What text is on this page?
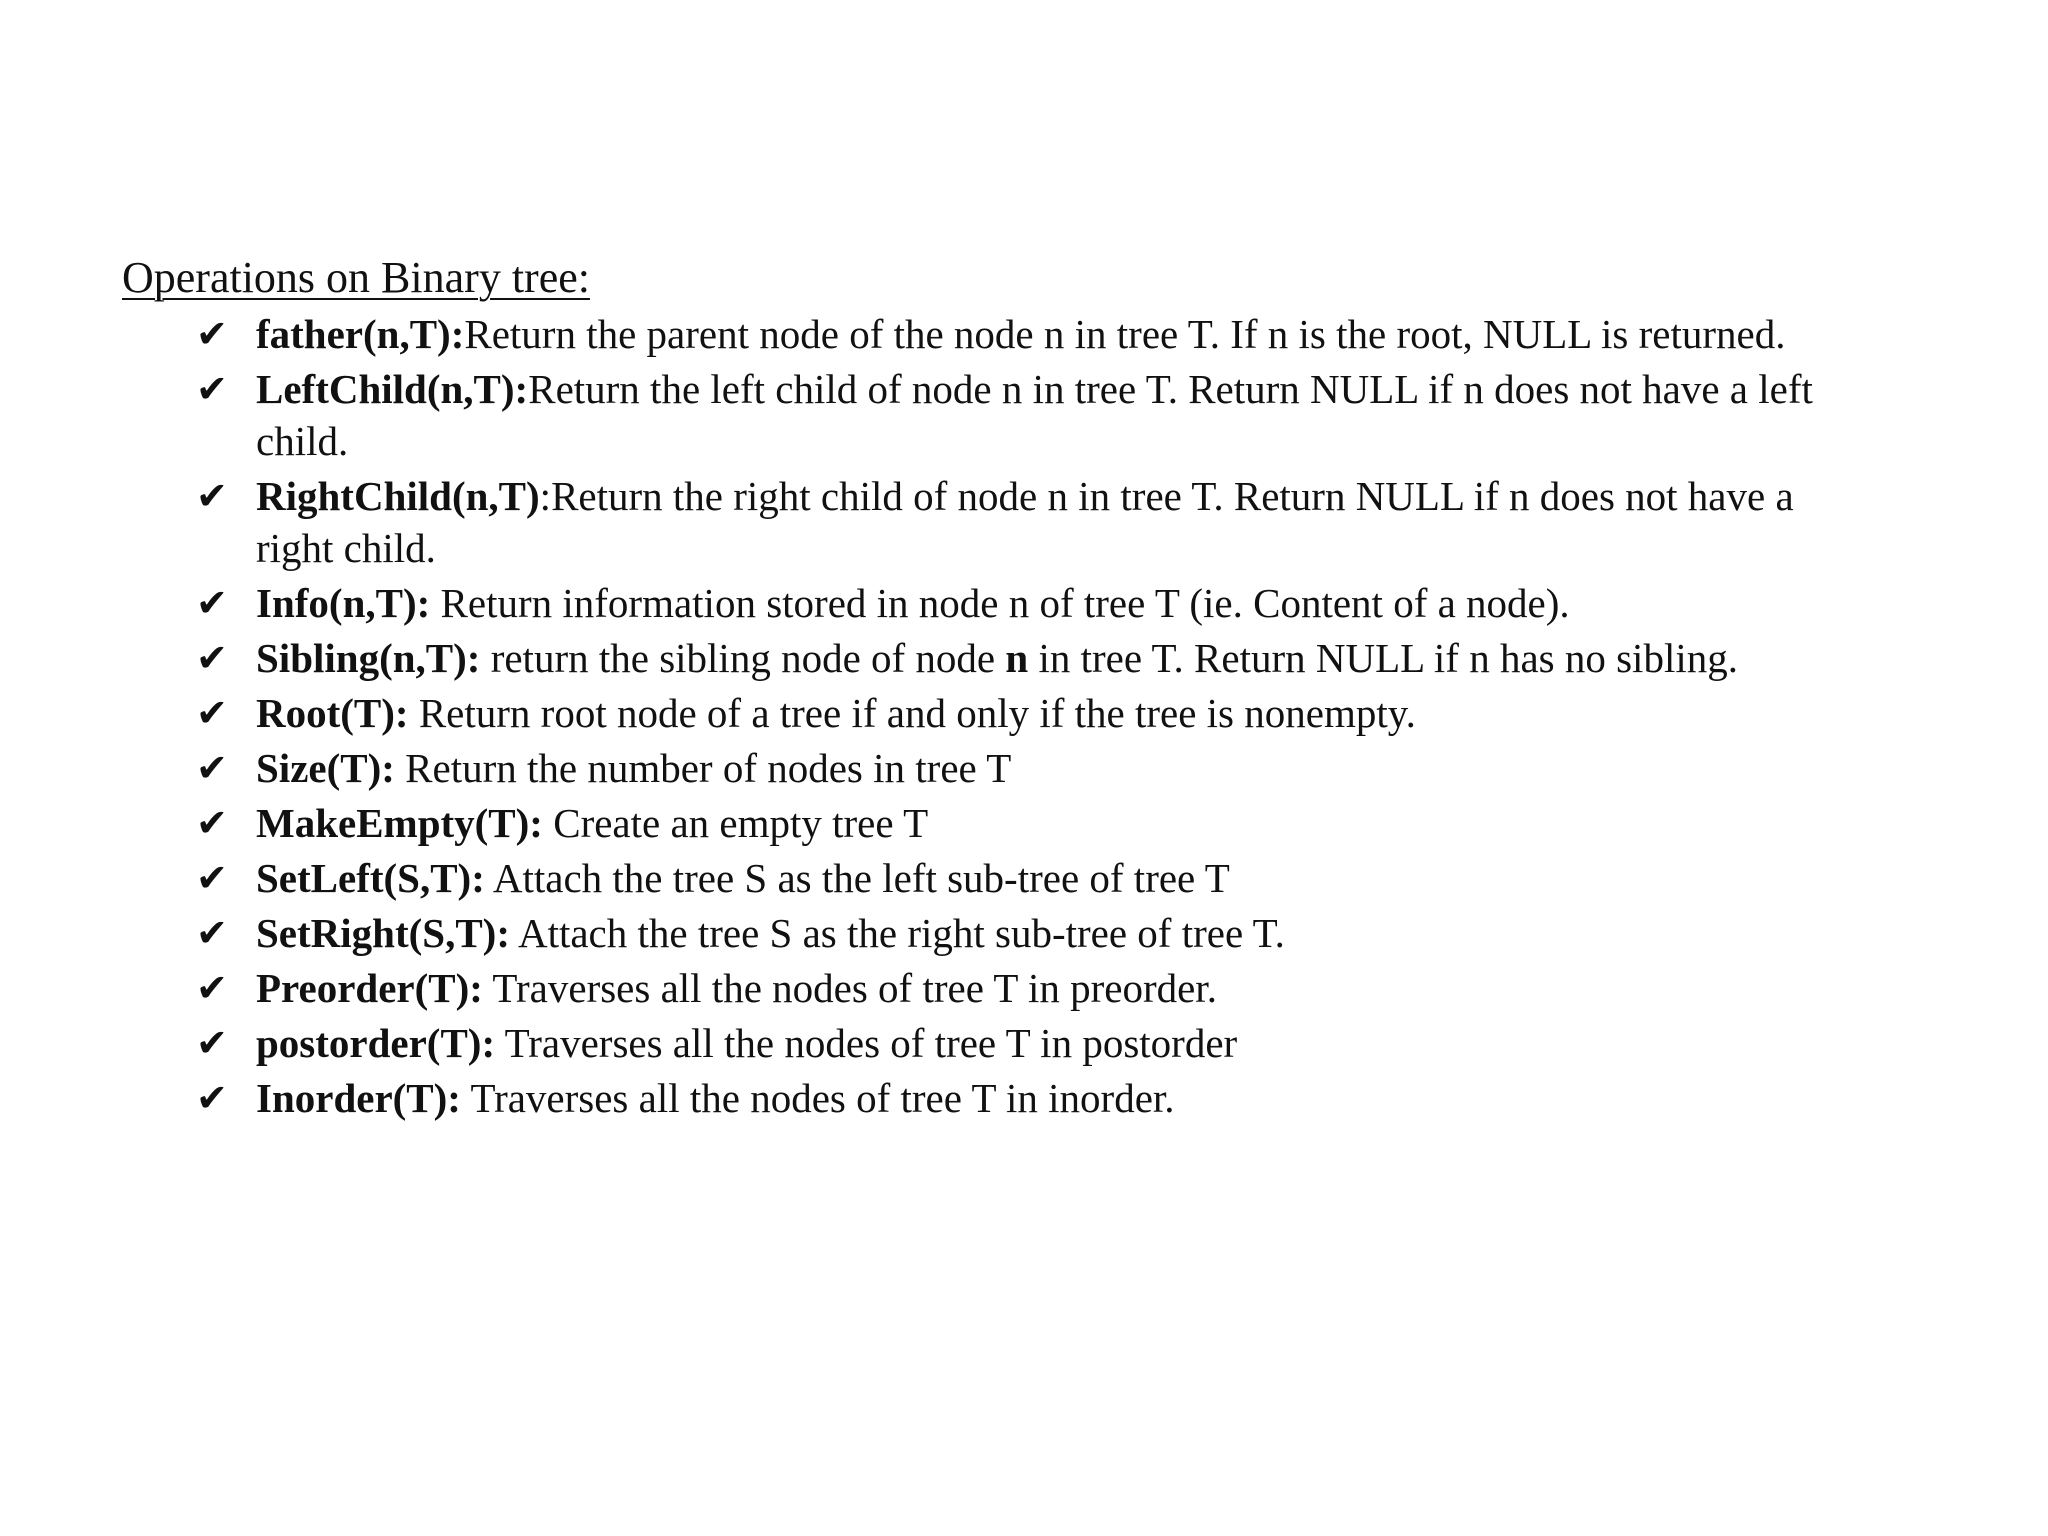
Operations on Binary tree:
✔ father(n,T):Return the parent node of the node n in tree T. If n is the root, NULL is returned.
✔ LeftChild(n,T):Return the left child of node n in tree T. Return NULL if n does not have a left child.
✔ RightChild(n,T):Return the right child of node n in tree T. Return NULL if n does not have a right child.
✔ Info(n,T): Return information stored in node n of tree T (ie. Content of a node).
✔ Sibling(n,T): return the sibling node of node n in tree T. Return NULL if n has no sibling.
✔ Root(T): Return root node of a tree if and only if the tree is nonempty.
✔ Size(T): Return the number of nodes in tree T
✔ MakeEmpty(T): Create an empty tree T
✔ SetLeft(S,T): Attach the tree S as the left sub-tree of tree T
✔ SetRight(S,T): Attach the tree S as the right sub-tree of tree T.
✔ Preorder(T): Traverses all the nodes of tree T in preorder.
✔ postorder(T): Traverses all the nodes of tree T in postorder
✔ Inorder(T): Traverses all the nodes of tree T in inorder.
